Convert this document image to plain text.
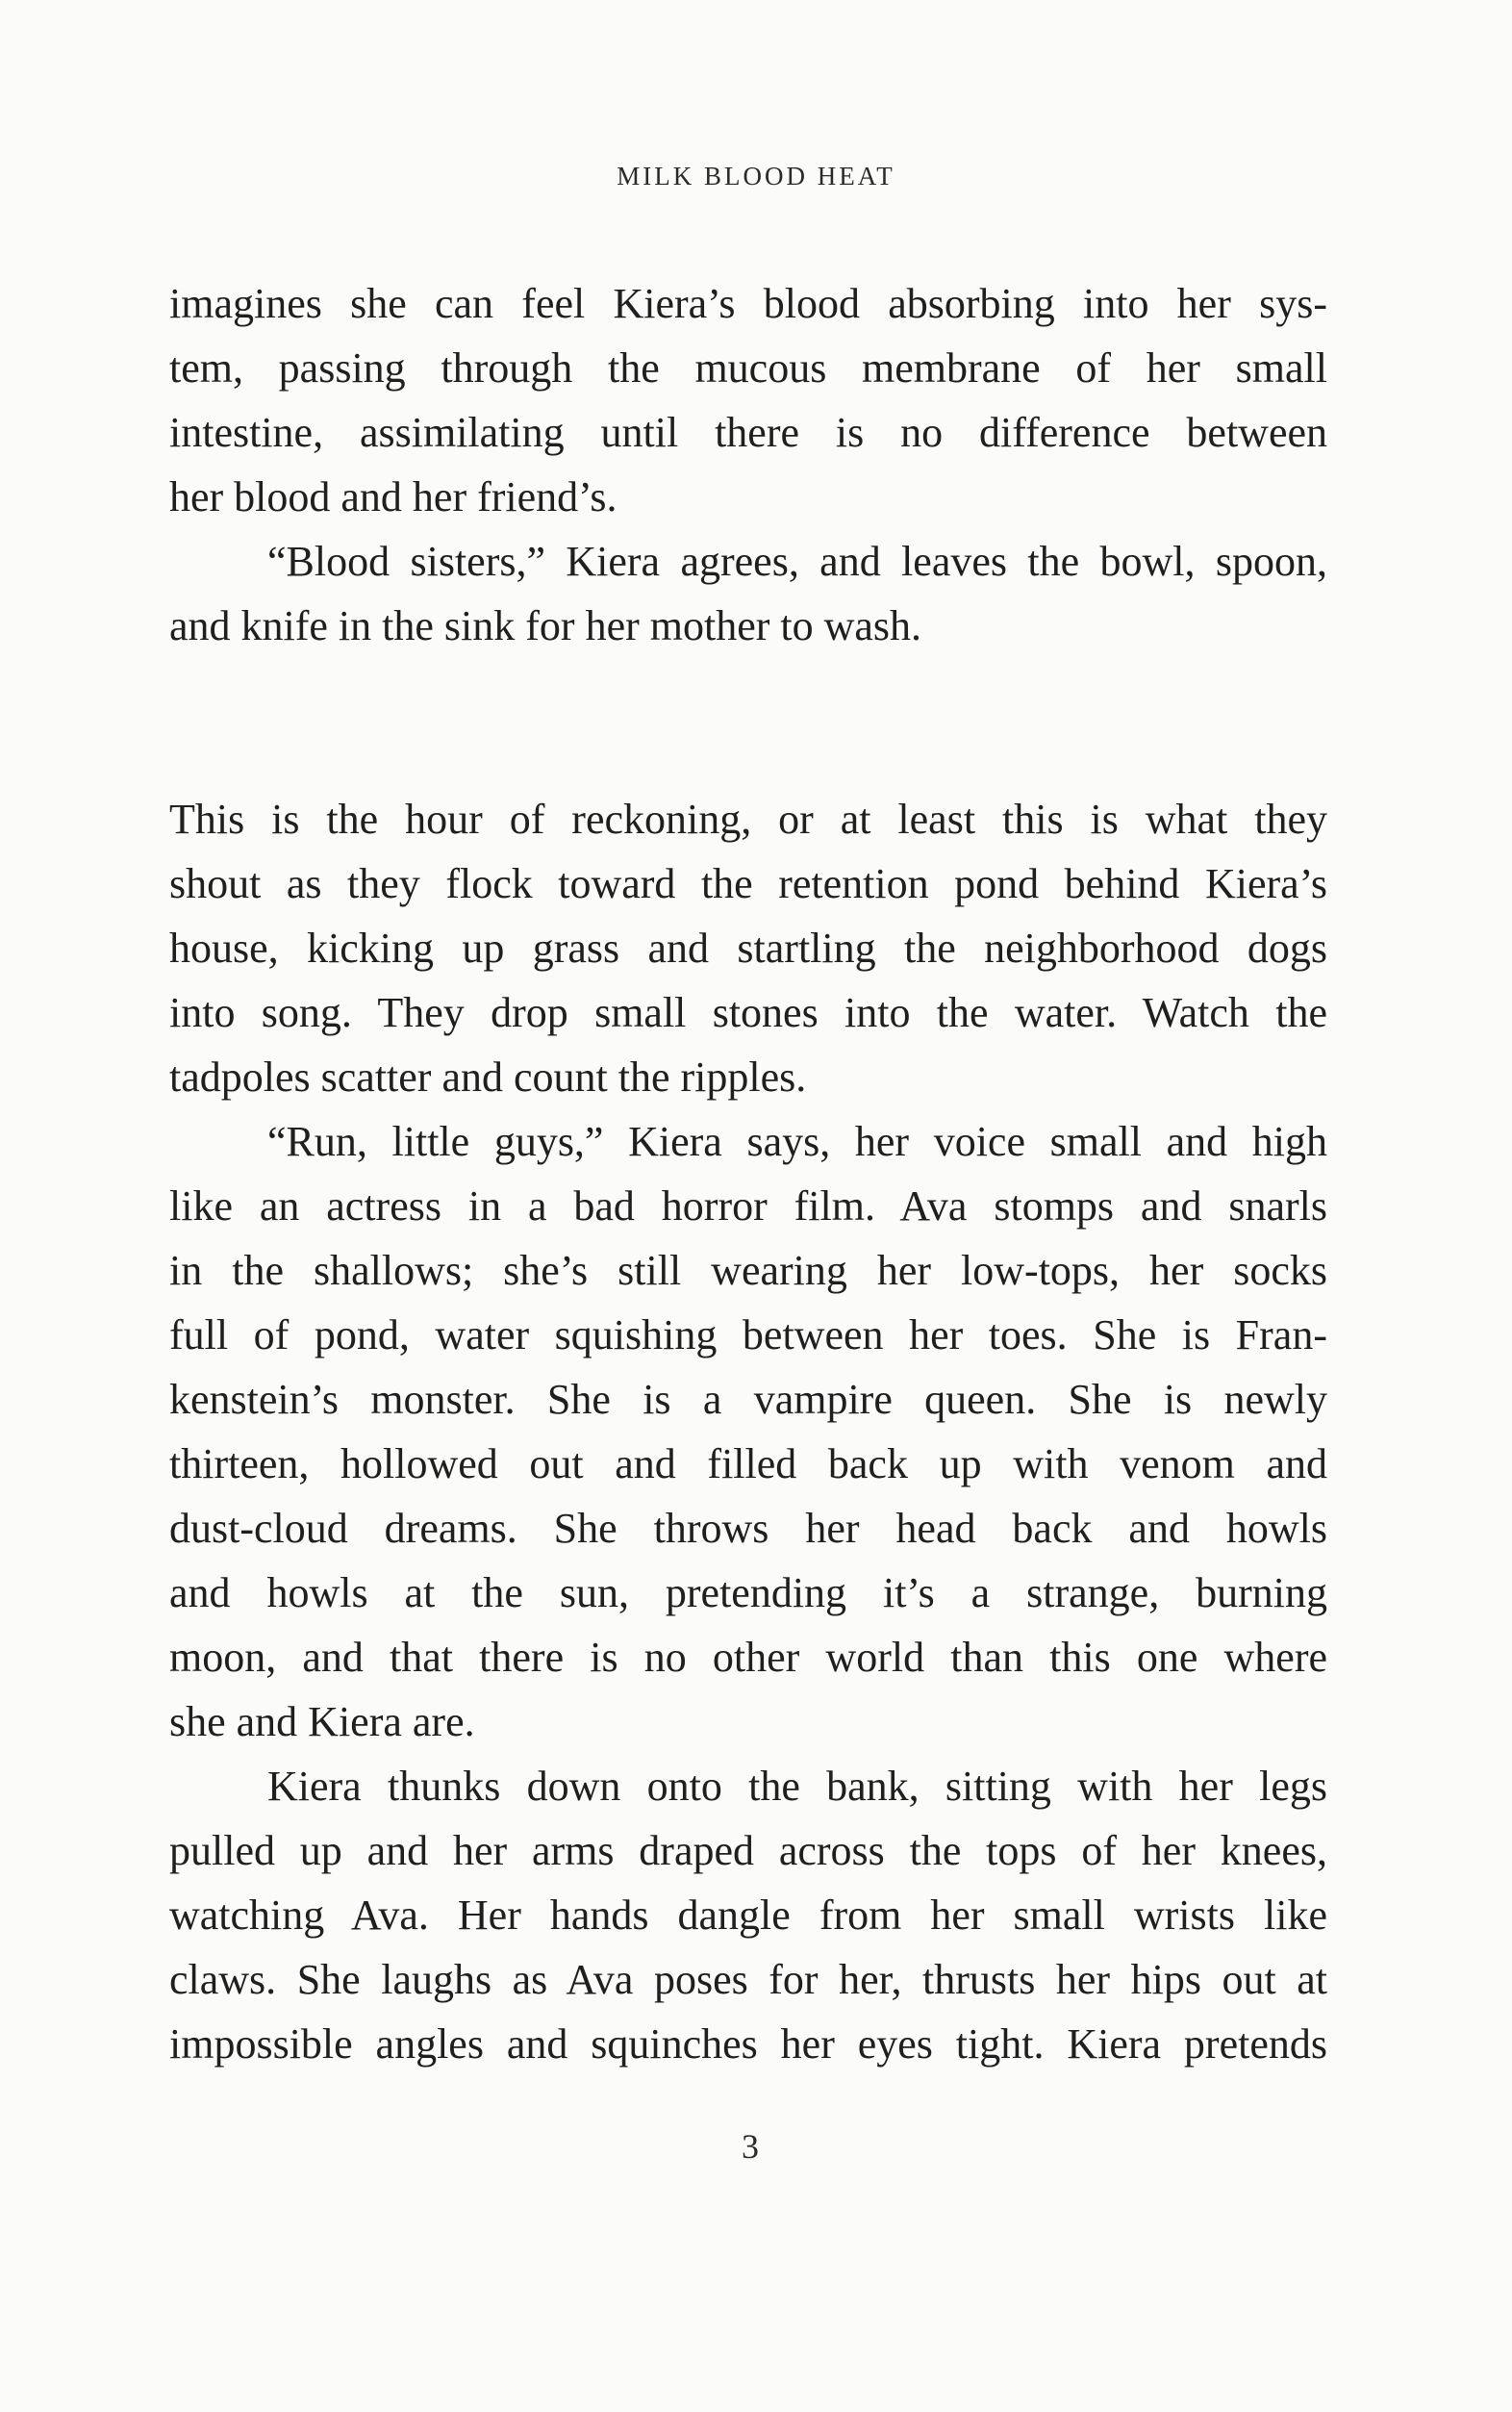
MILK BLOOD HEAT

imagines she can feel Kiera’s blood absorbing into her sys-
tem, passing through the mucous membrane of her small
intestine, assimilating until there is no difference between
her blood and her friend’s.

“Blood sisters,” Kiera agrees, and leaves the bowl, spoon,
and knife in the sink for her mother to wash.

This is the hour of reckoning, or at least this is what they
shout as they flock toward the retention pond behind Kiera’s
house, kicking up grass and startling the neighborhood dogs
into song. They drop small stones into the water. Watch the
tadpoles scatter and count the ripples.

“Run, little guys,” Kiera says, her voice small and high
like an actress in a bad horror film. Ava stomps and snarls
in the shallows; she’s still wearing her low-tops, her socks
full of pond, water squishing between her toes. She is Fran-
kenstein’s monster. She is a vampire queen. She is newly
thirteen, hollowed out and filled back up with venom and
dust-cloud dreams. She throws her head back and howls
and howls at the sun, pretending it’s a strange, burning
moon, and that there is no other world than this one where
she and Kiera are.

Kiera thunks down onto the bank, sitting with her legs
pulled up and her arms draped across the tops of her knees,
watching Ava. Her hands dangle from her small wrists like
claws. She laughs as Ava poses for her, thrusts her hips out at
impossible angles and squinches her eyes tight. Kiera pretends

3
